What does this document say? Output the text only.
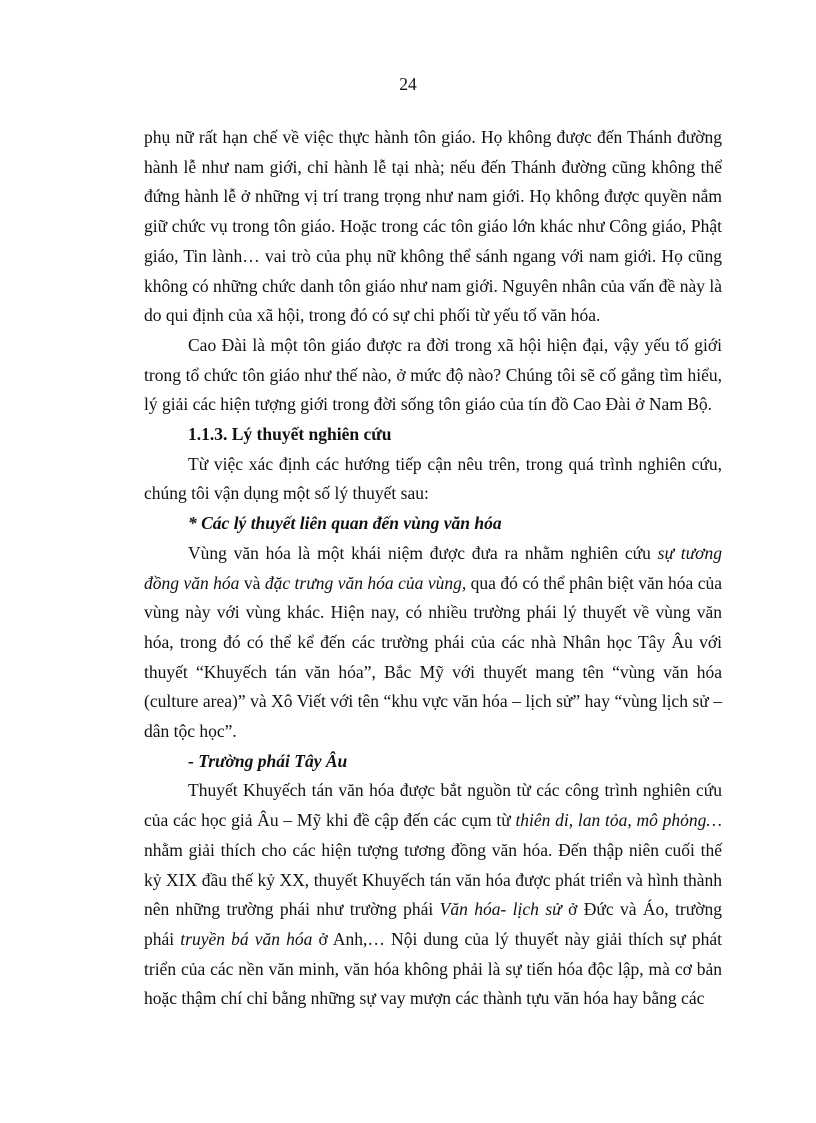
24

phụ nữ rất hạn chế về việc thực hành tôn giáo. Họ không được đến Thánh đường hành lễ như nam giới, chỉ hành lễ tại nhà; nếu đến Thánh đường cũng không thể đứng hành lễ ở những vị trí trang trọng như nam giới. Họ không được quyền nắm giữ chức vụ trong tôn giáo. Hoặc trong các tôn giáo lớn khác như Công giáo, Phật giáo, Tin lành… vai trò của phụ nữ không thể sánh ngang với nam giới. Họ cũng không có những chức danh tôn giáo như nam giới. Nguyên nhân của vấn đề này là do qui định của xã hội, trong đó có sự chi phối từ yếu tố văn hóa.

Cao Đài là một tôn giáo được ra đời trong xã hội hiện đại, vậy yếu tố giới trong tổ chức tôn giáo như thế nào, ở mức độ nào? Chúng tôi sẽ cố gắng tìm hiểu, lý giải các hiện tượng giới trong đời sống tôn giáo của tín đồ Cao Đài ở Nam Bộ.

1.1.3. Lý thuyết nghiên cứu

Từ việc xác định các hướng tiếp cận nêu trên, trong quá trình nghiên cứu, chúng tôi vận dụng một số lý thuyết sau:

* Các lý thuyết liên quan đến vùng văn hóa

Vùng văn hóa là một khái niệm được đưa ra nhằm nghiên cứu sự tương đồng văn hóa và đặc trưng văn hóa của vùng, qua đó có thể phân biệt văn hóa của vùng này với vùng khác. Hiện nay, có nhiều trường phái lý thuyết về vùng văn hóa, trong đó có thể kể đến các trường phái của các nhà Nhân học Tây Âu với thuyết “Khuyếch tán văn hóa”, Bắc Mỹ với thuyết mang tên “vùng văn hóa (culture area)” và Xô Viết với tên “khu vực văn hóa – lịch sử” hay “vùng lịch sử – dân tộc học”.

- Trường phái Tây Âu

Thuyết Khuyếch tán văn hóa được bắt nguồn từ các công trình nghiên cứu của các học giả Âu – Mỹ khi đề cập đến các cụm từ thiên di, lan tỏa, mô phỏng… nhằm giải thích cho các hiện tượng tương đồng văn hóa. Đến thập niên cuối thế kỷ XIX đầu thế kỷ XX, thuyết Khuyếch tán văn hóa được phát triển và hình thành nên những trường phái như trường phái Văn hóa- lịch sử ở Đức và Áo, trường phái truyền bá văn hóa ở Anh,… Nội dung của lý thuyết này giải thích sự phát triển của các nền văn minh, văn hóa không phải là sự tiến hóa độc lập, mà cơ bản hoặc thậm chí chỉ bằng những sự vay mượn các thành tựu văn hóa hay bằng các
